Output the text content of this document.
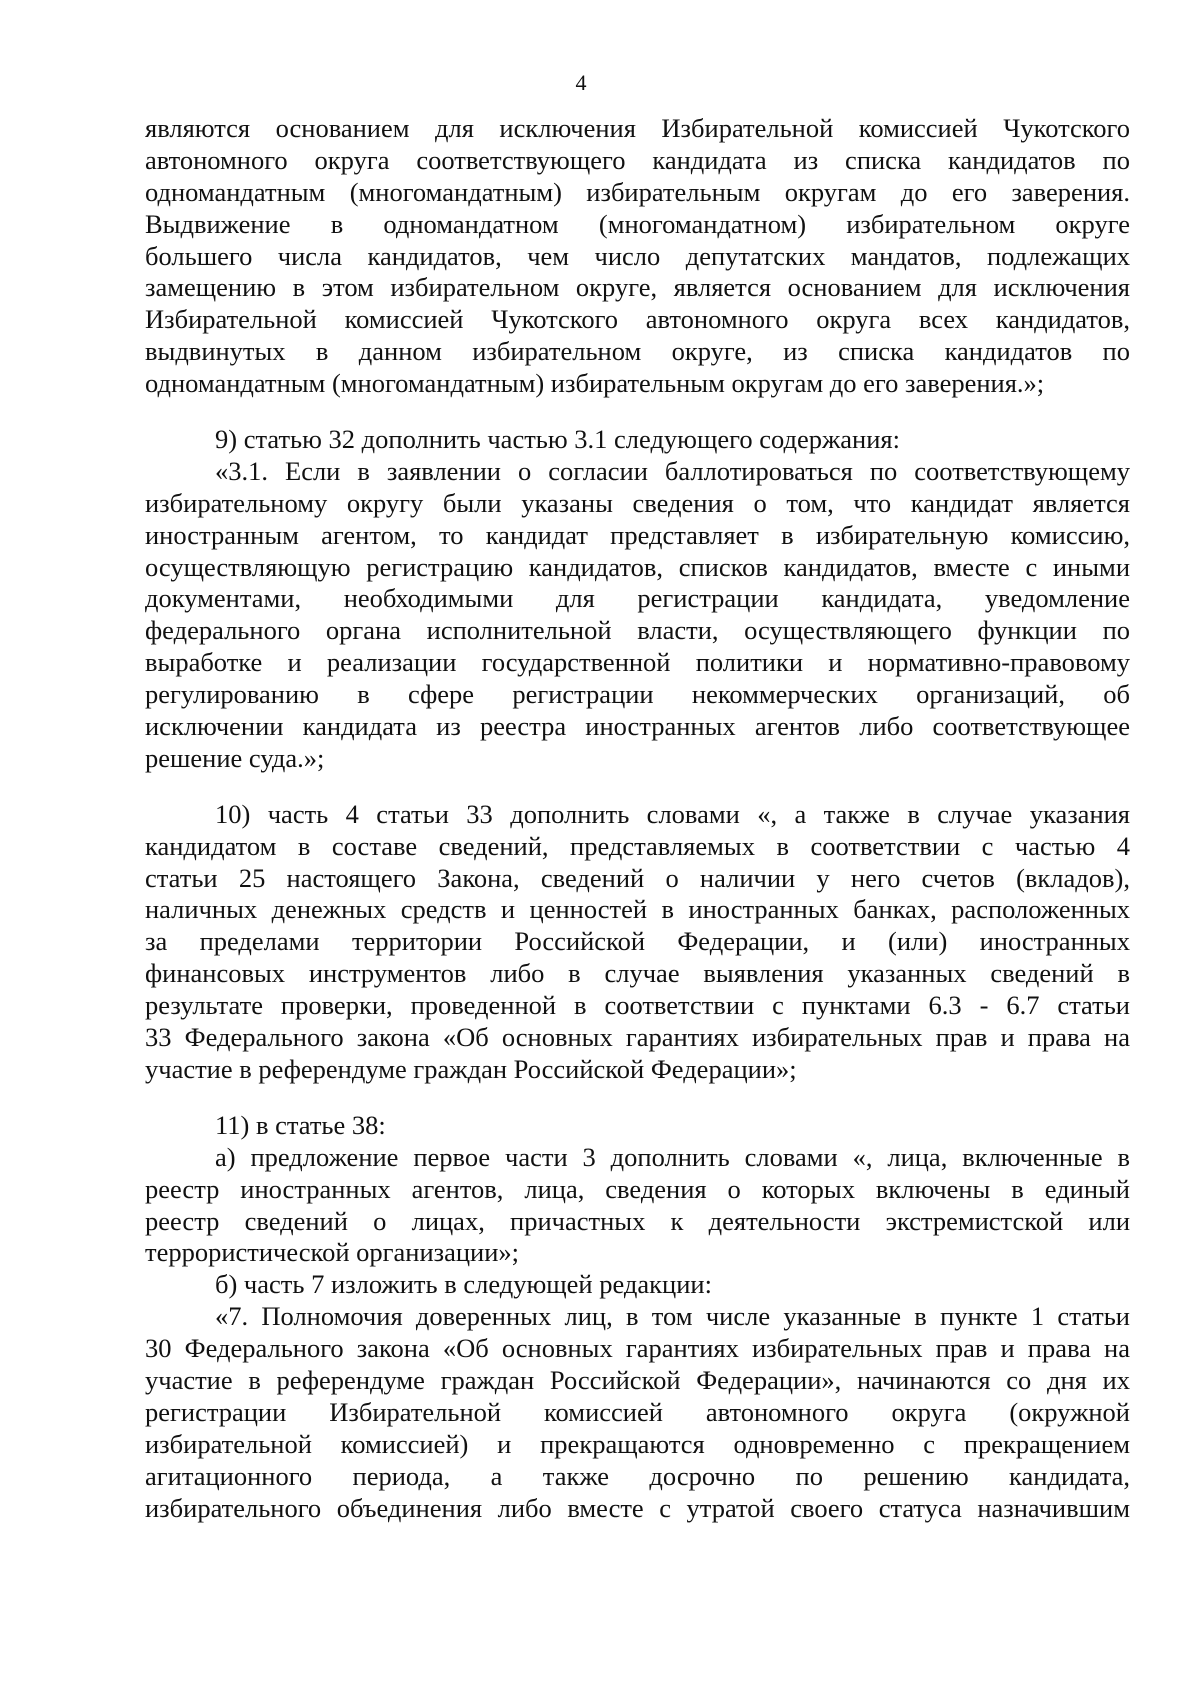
4
являются основанием для исключения Избирательной комиссией Чукотского
автономного округа соответствующего кандидата из списка кандидатов по
одномандатным (многомандатным) избирательным округам до его заверения.
Выдвижение в одномандатном (многомандатном) избирательном округе
большего числа кандидатов, чем число депутатских мандатов, подлежащих
замещению в этом избирательном округе, является основанием для исключения
Избирательной комиссией Чукотского автономного округа всех кандидатов,
выдвинутых в данном избирательном округе, из списка кандидатов по
одномандатным (многомандатным) избирательным округам до его заверения.»;
9) статью 32 дополнить частью 3.1 следующего содержания:
«3.1. Если в заявлении о согласии баллотироваться по соответствующему
избирательному округу были указаны сведения о том, что кандидат является
иностранным агентом, то кандидат представляет в избирательную комиссию,
осуществляющую регистрацию кандидатов, списков кандидатов, вместе с иными
документами, необходимыми для регистрации кандидата, уведомление
федерального органа исполнительной власти, осуществляющего функции по
выработке и реализации государственной политики и нормативно-правовому
регулированию в сфере регистрации некоммерческих организаций, об
исключении кандидата из реестра иностранных агентов либо соответствующее
решение суда.»;
10) часть 4 статьи 33 дополнить словами «, а также в случае указания
кандидатом в составе сведений, представляемых в соответствии с частью 4
статьи 25 настоящего Закона, сведений о наличии у него счетов (вкладов),
наличных денежных средств и ценностей в иностранных банках, расположенных
за пределами территории Российской Федерации, и (или) иностранных
финансовых инструментов либо в случае выявления указанных сведений в
результате проверки, проведенной в соответствии с пунктами 6.3 - 6.7 статьи
33 Федерального закона «Об основных гарантиях избирательных прав и права на
участие в референдуме граждан Российской Федерации»;
11) в статье 38:
а) предложение первое части 3 дополнить словами «, лица, включенные в
реестр иностранных агентов, лица, сведения о которых включены в единый
реестр сведений о лицах, причастных к деятельности экстремистской или
террористической организации»;
б) часть 7 изложить в следующей редакции:
«7. Полномочия доверенных лиц, в том числе указанные в пункте 1 статьи
30 Федерального закона «Об основных гарантиях избирательных прав и права на
участие в референдуме граждан Российской Федерации», начинаются со дня их
регистрации Избирательной комиссией автономного округа (окружной
избирательной комиссией) и прекращаются одновременно с прекращением
агитационного периода, а также досрочно по решению кандидата,
избирательного объединения либо вместе с утратой своего статуса назначившим
